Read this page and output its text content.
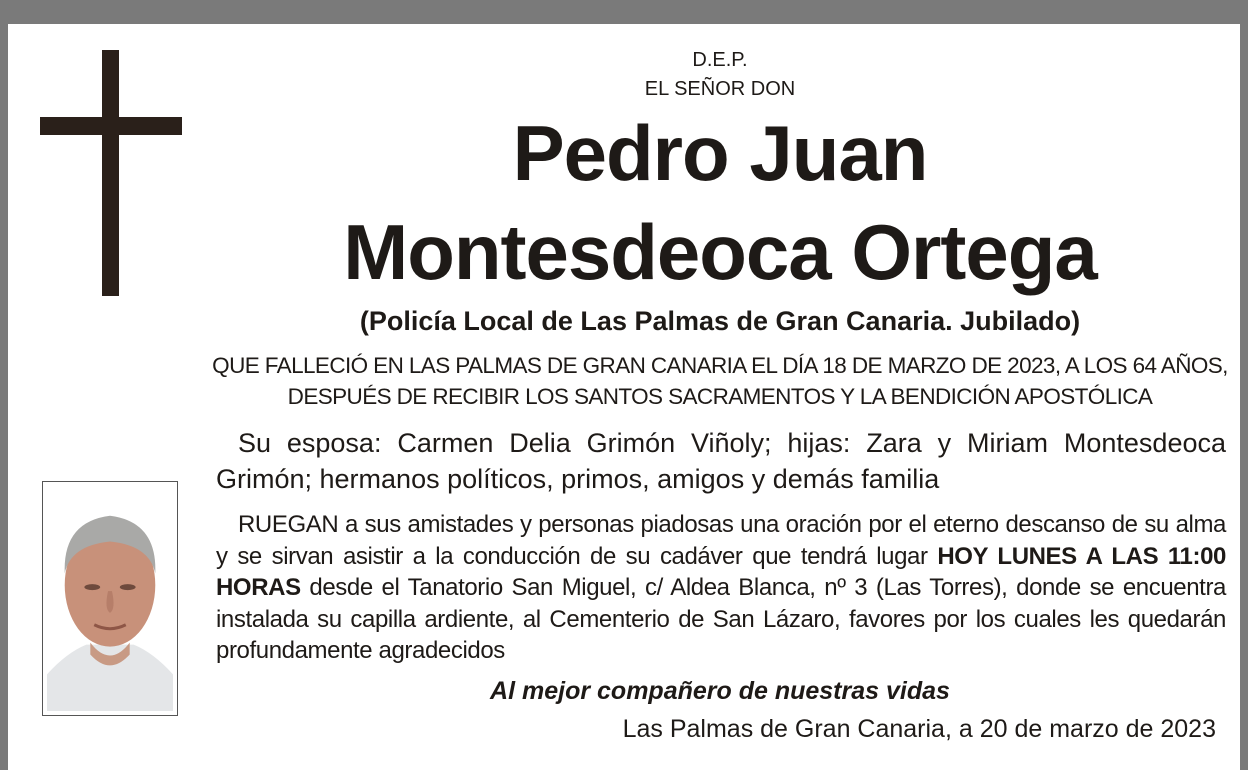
D.E.P.
EL SEÑOR DON
Pedro Juan
Montesdeoca Ortega
(Policía Local de Las Palmas de Gran Canaria. Jubilado)
QUE FALLECIÓ EN LAS PALMAS DE GRAN CANARIA EL DÍA 18 DE MARZO DE 2023, A LOS 64 AÑOS, DESPUÉS DE RECIBIR LOS SANTOS SACRAMENTOS Y LA BENDICIÓN APOSTÓLICA
Su esposa: Carmen Delia Grimón Viñoly; hijas: Zara y Miriam Montesdeoca Grimón; hermanos políticos, primos, amigos y demás familia
RUEGAN a sus amistades y personas piadosas una oración por el eterno descanso de su alma y se sirvan asistir a la conducción de su cadáver que tendrá lugar HOY LUNES A LAS 11:00 HORAS desde el Tanatorio San Miguel, c/ Aldea Blanca, nº 3 (Las Torres), donde se encuentra instalada su capilla ardiente, al Cementerio de San Lázaro, favores por los cuales les quedarán profundamente agradecidos
Al mejor compañero de nuestras vidas
Las Palmas de Gran Canaria, a 20 de marzo de 2023
